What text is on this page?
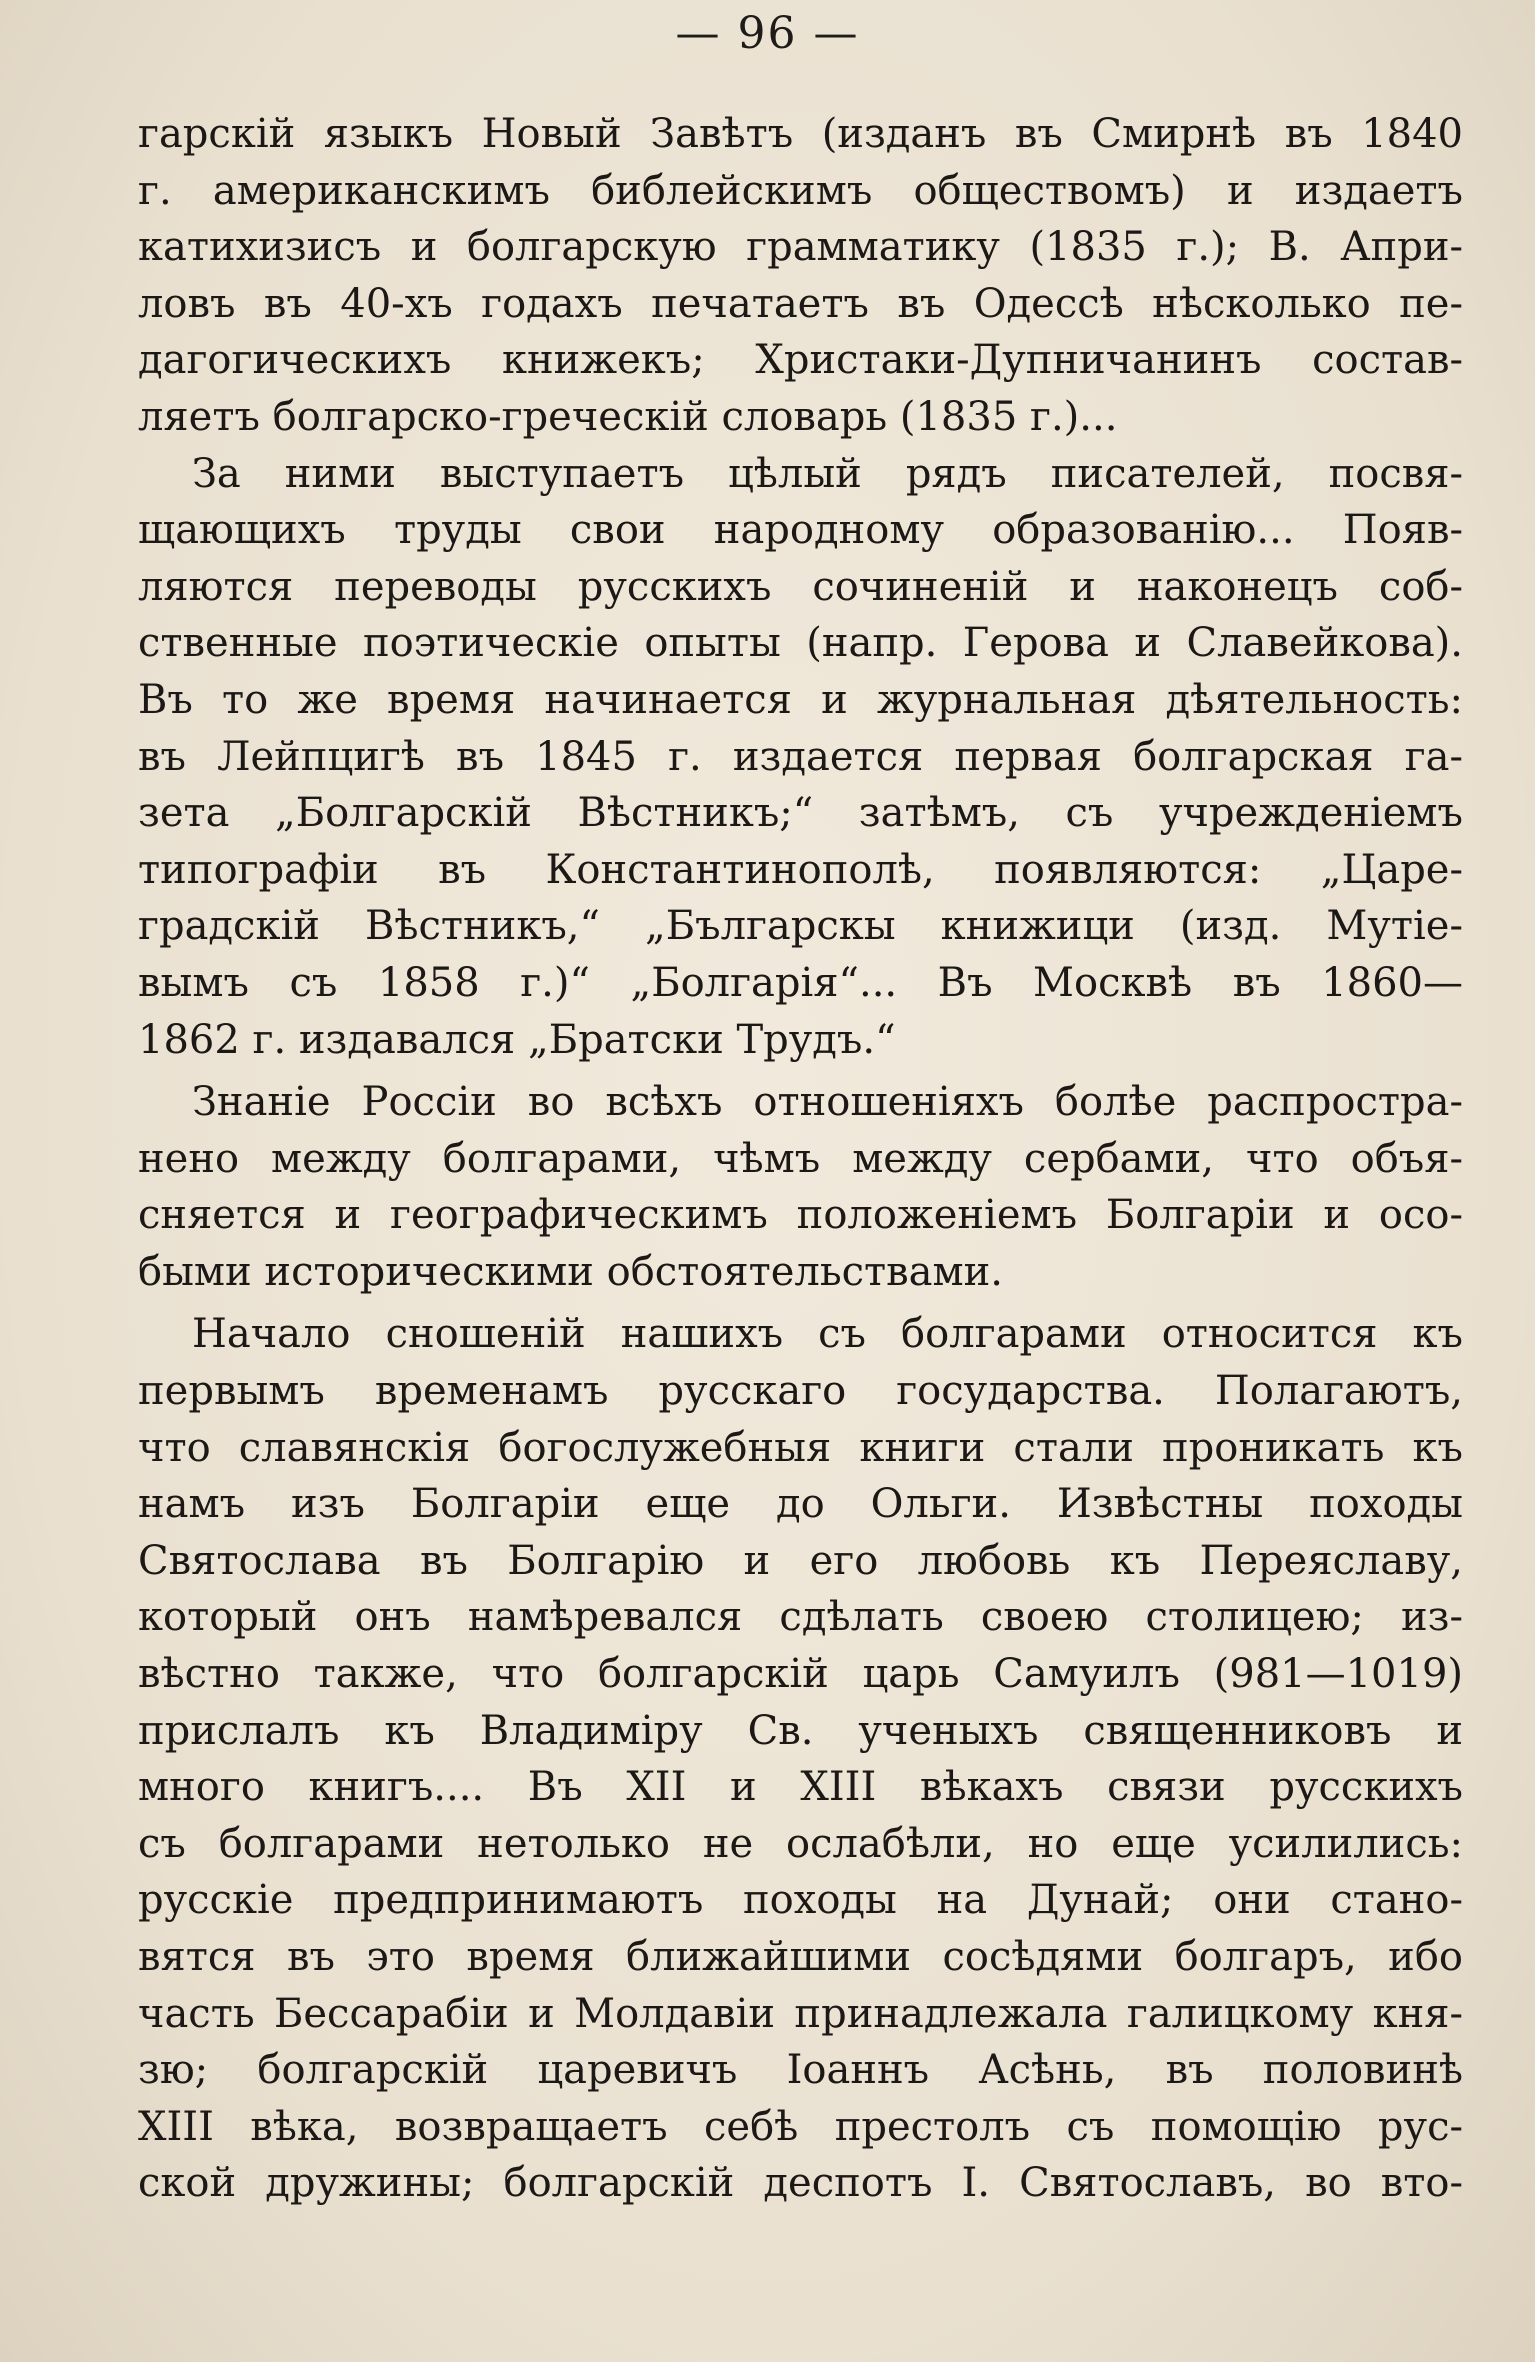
— 96 —
гарскій языкъ Новый Завѣтъ (изданъ въ Смирнѣ въ 1840
г. американскимъ библейскимъ обществомъ) и издаетъ
катихизисъ и болгарскую грамматику (1835 г.); В. Апри-
ловъ въ 40-хъ годахъ печатаетъ въ Одессѣ нѣсколько пе-
дагогическихъ книжекъ; Христаки-Дупничанинъ состав-
ляетъ болгарско-греческій словарь (1835 г.)...
За ними выступаетъ цѣлый рядъ писателей, посвя-
щающихъ труды свои народному образованію... Появ-
ляются переводы русскихъ сочиненій и наконецъ соб-
ственные поэтическіе опыты (напр. Герова и Славейкова).
Въ то же время начинается и журнальная дѣятельность:
въ Лейпцигѣ въ 1845 г. издается первая болгарская га-
зета „Болгарскій Вѣстникъ;“ затѣмъ, съ учрежденіемъ
типографіи въ Константинополѣ, появляются: „Царе-
градскій Вѣстникъ,“ „Българскы книжици (изд. Мутіе-
вымъ съ 1858 г.)“ „Болгарія“... Въ Москвѣ въ 1860—
1862 г. издавался „Братски Трудъ.“
Знаніе Россіи во всѣхъ отношеніяхъ болѣе распростра-
нено между болгарами, чѣмъ между сербами, что объя-
сняется и географическимъ положеніемъ Болгаріи и осо-
быми историческими обстоятельствами.
Начало сношеній нашихъ съ болгарами относится къ
первымъ временамъ русскаго государства. Полагаютъ,
что славянскія богослужебныя книги стали проникать къ
намъ изъ Болгаріи еще до Ольги. Извѣстны походы
Святослава въ Болгарію и его любовь къ Переяславу,
который онъ намѣревался сдѣлать своею столицею; из-
вѣстно также, что болгарскій царь Самуилъ (981—1019)
прислалъ къ Владиміру Св. ученыхъ священниковъ и
много книгъ.... Въ XII и XIII вѣкахъ связи русскихъ
съ болгарами нетолько не ослабѣли, но еще усилились:
русскіе предпринимаютъ походы на Дунай; они стано-
вятся въ это время ближайшими сосѣдями болгаръ, ибо
часть Бессарабіи и Молдавіи принадлежала галицкому кня-
зю; болгарскій царевичъ Іоаннъ Асѣнь, въ половинѣ
XIII вѣка, возвращаетъ себѣ престолъ съ помощію рус-
ской дружины; болгарскій деспотъ І. Святославъ, во вто-
